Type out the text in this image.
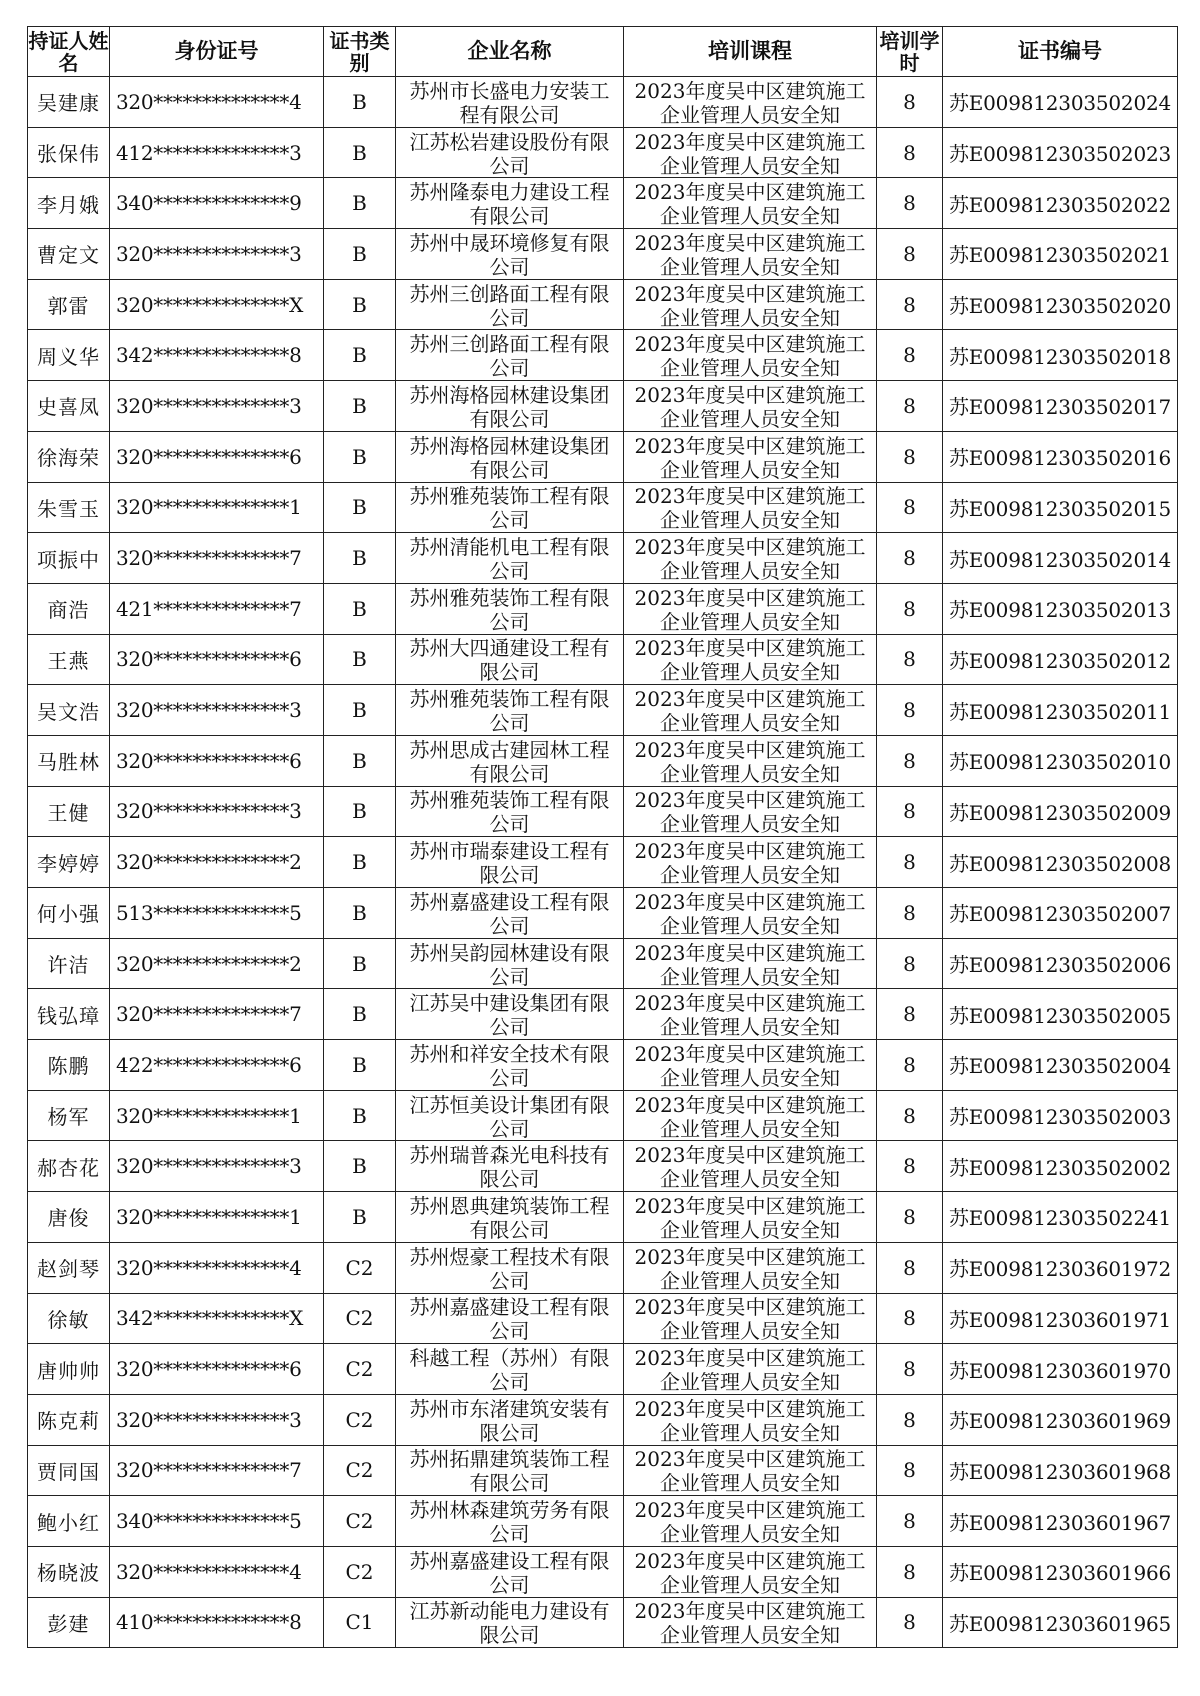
持证人姓名	身份证号	证书类别	企业名称	培训课程	培训学时	证书编号
吴建康	320**************4	B	苏州市长盛电力安装工程有限公司	2023年度吴中区建筑施工企业管理人员安全知	8	苏E009812303502024
张保伟	412**************3	B	江苏松岩建设股份有限公司	2023年度吴中区建筑施工企业管理人员安全知	8	苏E009812303502023
李月娥	340**************9	B	苏州隆泰电力建设工程有限公司	2023年度吴中区建筑施工企业管理人员安全知	8	苏E009812303502022
曹定文	320**************3	B	苏州中晟环境修复有限公司	2023年度吴中区建筑施工企业管理人员安全知	8	苏E009812303502021
郭雷	320**************X	B	苏州三创路面工程有限公司	2023年度吴中区建筑施工企业管理人员安全知	8	苏E009812303502020
周义华	342**************8	B	苏州三创路面工程有限公司	2023年度吴中区建筑施工企业管理人员安全知	8	苏E009812303502018
史喜凤	320**************3	B	苏州海格园林建设集团有限公司	2023年度吴中区建筑施工企业管理人员安全知	8	苏E009812303502017
徐海荣	320**************6	B	苏州海格园林建设集团有限公司	2023年度吴中区建筑施工企业管理人员安全知	8	苏E009812303502016
朱雪玉	320**************1	B	苏州雅苑装饰工程有限公司	2023年度吴中区建筑施工企业管理人员安全知	8	苏E009812303502015
项振中	320**************7	B	苏州清能机电工程有限公司	2023年度吴中区建筑施工企业管理人员安全知	8	苏E009812303502014
商浩	421**************7	B	苏州雅苑装饰工程有限公司	2023年度吴中区建筑施工企业管理人员安全知	8	苏E009812303502013
王燕	320**************6	B	苏州大四通建设工程有限公司	2023年度吴中区建筑施工企业管理人员安全知	8	苏E009812303502012
吴文浩	320**************3	B	苏州雅苑装饰工程有限公司	2023年度吴中区建筑施工企业管理人员安全知	8	苏E009812303502011
马胜林	320**************6	B	苏州思成古建园林工程有限公司	2023年度吴中区建筑施工企业管理人员安全知	8	苏E009812303502010
王健	320**************3	B	苏州雅苑装饰工程有限公司	2023年度吴中区建筑施工企业管理人员安全知	8	苏E009812303502009
李婷婷	320**************2	B	苏州市瑞泰建设工程有限公司	2023年度吴中区建筑施工企业管理人员安全知	8	苏E009812303502008
何小强	513**************5	B	苏州嘉盛建设工程有限公司	2023年度吴中区建筑施工企业管理人员安全知	8	苏E009812303502007
许洁	320**************2	B	苏州吴韵园林建设有限公司	2023年度吴中区建筑施工企业管理人员安全知	8	苏E009812303502006
钱弘璋	320**************7	B	江苏吴中建设集团有限公司	2023年度吴中区建筑施工企业管理人员安全知	8	苏E009812303502005
陈鹏	422**************6	B	苏州和祥安全技术有限公司	2023年度吴中区建筑施工企业管理人员安全知	8	苏E009812303502004
杨军	320**************1	B	江苏恒美设计集团有限公司	2023年度吴中区建筑施工企业管理人员安全知	8	苏E009812303502003
郝杏花	320**************3	B	苏州瑞普森光电科技有限公司	2023年度吴中区建筑施工企业管理人员安全知	8	苏E009812303502002
唐俊	320**************1	B	苏州恩典建筑装饰工程有限公司	2023年度吴中区建筑施工企业管理人员安全知	8	苏E009812303502241
赵剑琴	320**************4	C2	苏州煜豪工程技术有限公司	2023年度吴中区建筑施工企业管理人员安全知	8	苏E009812303601972
徐敏	342**************X	C2	苏州嘉盛建设工程有限公司	2023年度吴中区建筑施工企业管理人员安全知	8	苏E009812303601971
唐帅帅	320**************6	C2	科越工程（苏州）有限公司	2023年度吴中区建筑施工企业管理人员安全知	8	苏E009812303601970
陈克莉	320**************3	C2	苏州市东渚建筑安装有限公司	2023年度吴中区建筑施工企业管理人员安全知	8	苏E009812303601969
贾同国	320**************7	C2	苏州拓鼎建筑装饰工程有限公司	2023年度吴中区建筑施工企业管理人员安全知	8	苏E009812303601968
鲍小红	340**************5	C2	苏州林森建筑劳务有限公司	2023年度吴中区建筑施工企业管理人员安全知	8	苏E009812303601967
杨晓波	320**************4	C2	苏州嘉盛建设工程有限公司	2023年度吴中区建筑施工企业管理人员安全知	8	苏E009812303601966
彭建	410**************8	C1	江苏新动能电力建设有限公司	2023年度吴中区建筑施工企业管理人员安全知	8	苏E009812303601965
